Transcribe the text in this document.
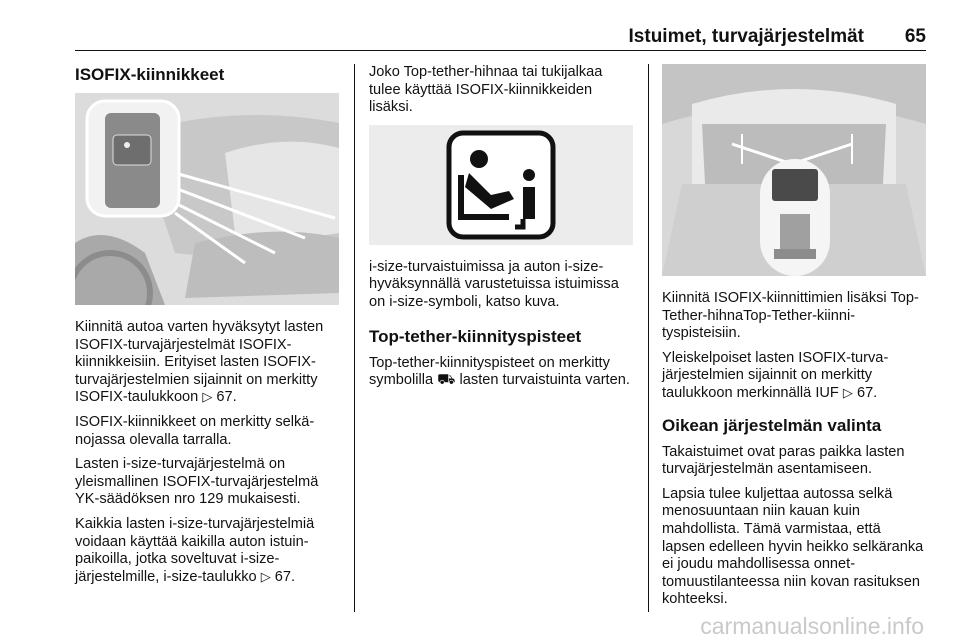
Istuimet, turvajärjestelmät 65
ISOFIX-kiinnikkeet

Kiinnitä autoa varten hyväksytyt lasten ISOFIX-turvajärjestelmät ISOFIX-kiinnikkeisiin. Erityiset lasten ISOFIX-turvajärjestelmien sijainnit on merkitty ISOFIX-taulukkoon ▷ 67.

ISOFIX-kiinnikkeet on merkitty selkänojassa olevalla tarralla.

Lasten i-size-turvajärjestelmä on yleismallinen ISOFIX-turvajärjestelmä YK-säädöksen nro 129 mukaisesti.

Kaikkia lasten i-size-turvajärjestelmiä voidaan käyttää kaikilla auton istuinpaikoilla, jotka soveltuvat i-size-järjestelmille, i-size-taulukko ▷ 67.

Joko Top-tether-hihnaa tai tukijalkaa tulee käyttää ISOFIX-kiinnikkeiden lisäksi.

i-size-turvaistuimissa ja auton i-size-hyväksynnällä varustetuissa istuimissa on i-size-symboli, katso kuva.

Top-tether-kiinnityspisteet

Top-tether-kiinnityspisteet on merkitty symbolilla ⛟ lasten turvaistuinta varten.

Kiinnitä ISOFIX-kiinnittimien lisäksi Top-Tether-hihnaTop-Tether-kiinnityspisteisiin.

Yleiskelpoiset lasten ISOFIX-turvajärjestelmien sijainnit on merkitty taulukkoon merkinnällä IUF ▷ 67.

Oikean järjestelmän valinta

Takaistuimet ovat paras paikka lasten turvajärjestelmän asentamiseen.

Lapsia tulee kuljettaa autossa selkä menosuuntaan niin kauan kuin mahdollista. Tämä varmistaa, että lapsen edelleen hyvin heikko selkäranka ei joudu mahdollisessa onnettomuustilanteessa niin kovan rasituksen kohteeksi.

carmanualsonline.info
